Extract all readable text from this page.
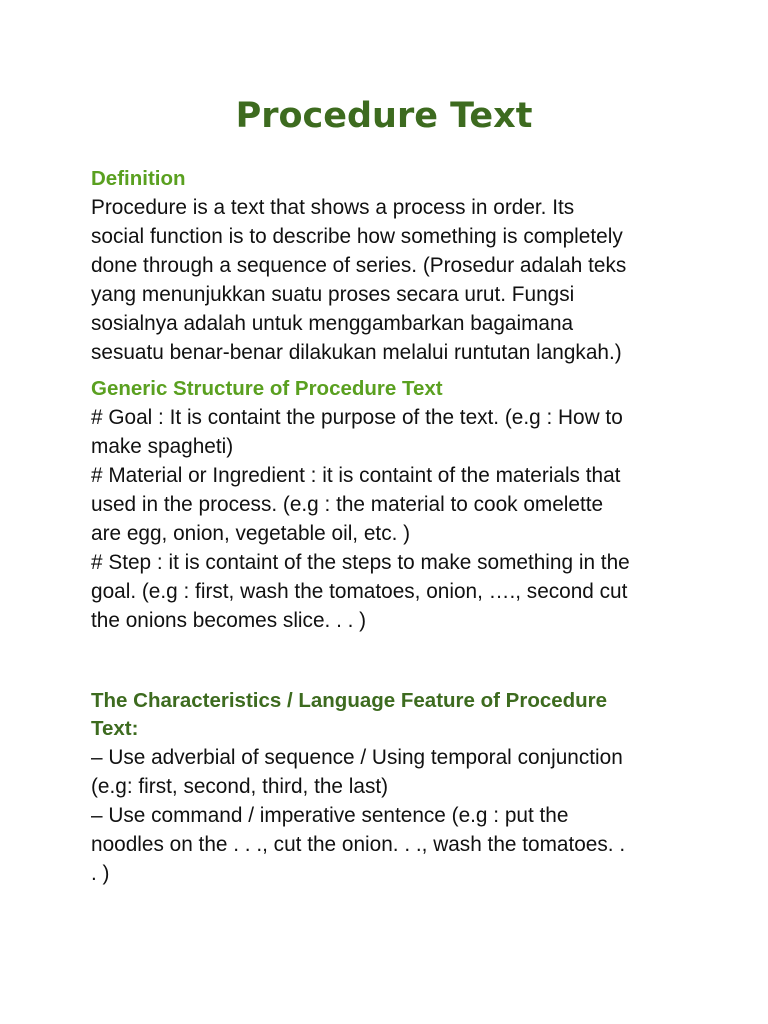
Procedure Text
Definition
Procedure is a text that shows a process in order. Its
social function is to describe how something is completely
done through a sequence of series. (Prosedur adalah teks
yang menunjukkan suatu proses secara urut. Fungsi
sosialnya adalah untuk menggambarkan bagaimana
sesuatu benar-benar dilakukan melalui runtutan langkah.)
Generic Structure of Procedure Text
# Goal : It is containt the purpose of the text. (e.g : How to
make spagheti)
# Material or Ingredient : it is containt of the materials that
used in the process. (e.g : the material to cook omelette
are egg, onion, vegetable oil, etc. )
# Step : it is containt of the steps to make something in the
goal. (e.g : first, wash the tomatoes, onion, …., second cut
the onions becomes slice. . . )
The Characteristics / Language Feature of Procedure
Text:
– Use adverbial of sequence / Using temporal conjunction
(e.g: first, second, third, the last)
– Use command / imperative sentence (e.g : put the
noodles on the . . ., cut the onion. . ., wash the tomatoes. .
. )
